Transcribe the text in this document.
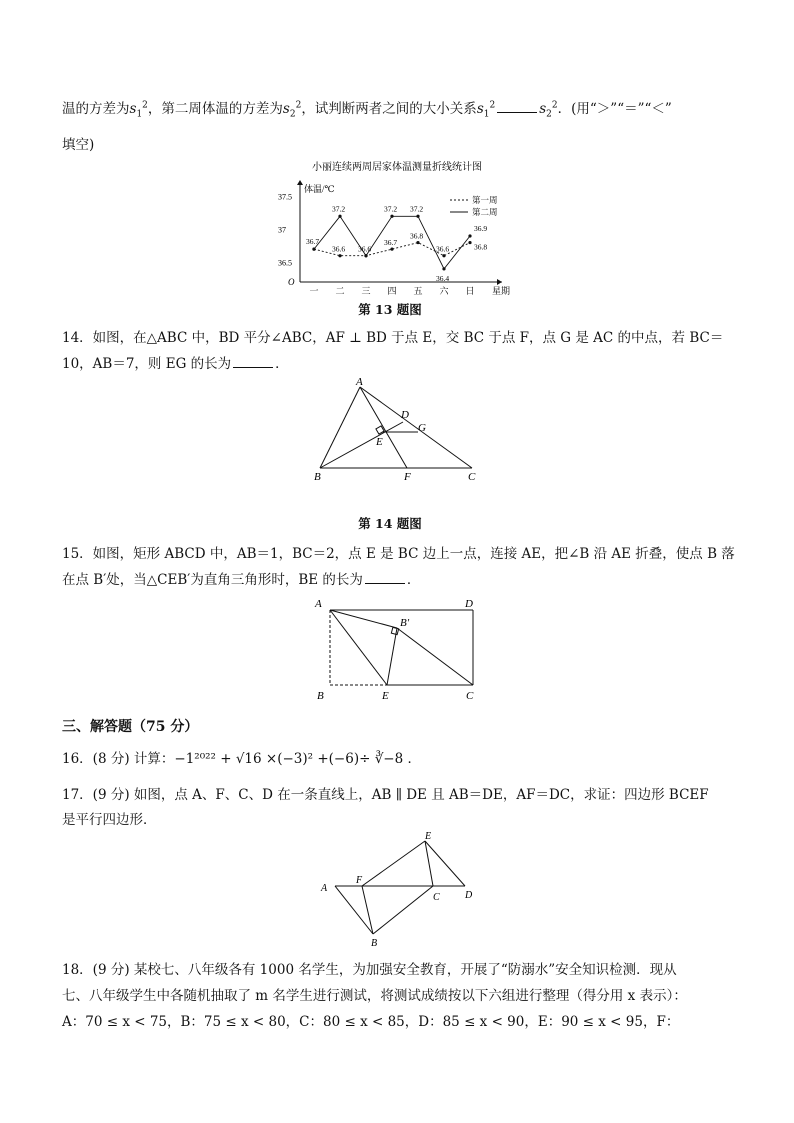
温的方差为$s_1^2$，第二周体温的方差为$s_2^2$，试判断两者之间的大小关系$s_1^2$	$s_2^2$．(用“＞”“＝”“＜”
填空)
小丽连续两周居家体温测量折线统计图
体温/℃
星期
O
37.5
37
36.5
一 二 三 四 五 六 日
36.7
37.2	37.2 37.2
36.4
36.9
36.6 36.6
36.7
36.8
36.6	36.8
第一周
第二周
第 13 题图
14．如图，在△ABC 中，BD 平分∠ABC，AF ⊥ BD 于点 E，交 BC 于点 F，点 G 是 AC 的中点，若 BC＝
10，AB＝7，则 EG 的长为	．
A
B	C
D
E
F
G
第 14 题图
15．如图，矩形 ABCD 中，AB＝1，BC＝2，点 E 是 BC 边上一点，连接 AE，把∠B 沿 AE 折叠，使点 B 落
在点 B′处，当△CEB′为直角三角形时，BE 的长为	．
A
B	C
D
E
B′
三、解答题（75 分）
16．(8 分) 计算：−1²⁰²² + √16 ×(−3)² +(−6)÷ ∛−8 ．
17．(9 分) 如图，点 A、F、C、D 在一条直线上，AB ∥ DE 且 AB＝DE，AF＝DC，求证：四边形 BCEF
是平行四边形．
A
F
C	D
E
B
18．(9 分) 某校七、八年级各有 1000 名学生，为加强安全教育，开展了“防溺水”安全知识检测．现从
七、八年级学生中各随机抽取了 m 名学生进行测试，将测试成绩按以下六组进行整理（得分用 x 表示）：
A：70 ≤ x < 75，B：75 ≤ x < 80，C：80 ≤ x < 85，D：85 ≤ x < 90，E：90 ≤ x < 95，F：
